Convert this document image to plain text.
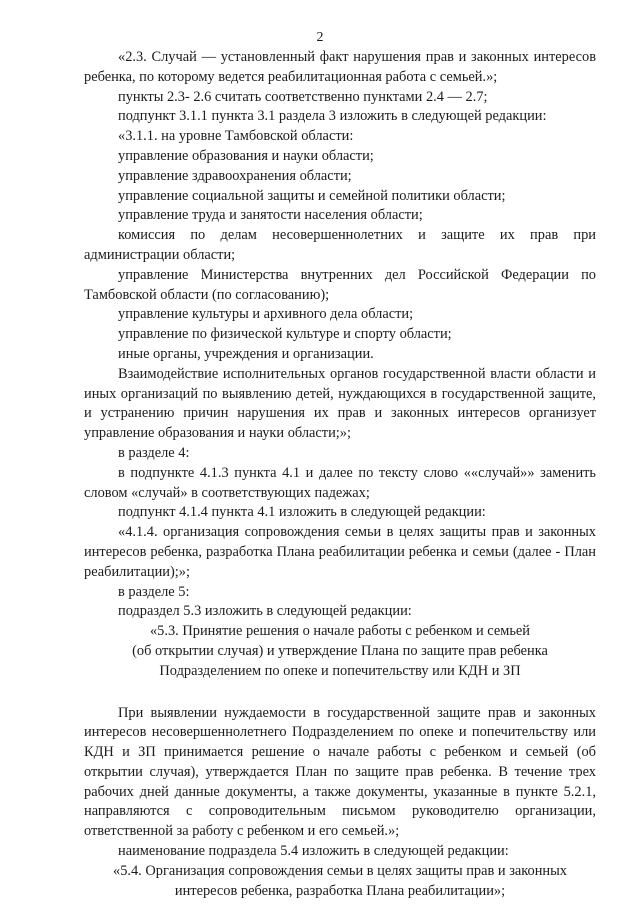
2

«2.3. Случай — установленный факт нарушения прав и законных интересов ребенка, по которому ведется реабилитационная работа с семьей.»;

пункты 2.3- 2.6 считать соответственно пунктами 2.4 — 2.7;

подпункт 3.1.1 пункта 3.1 раздела 3 изложить в следующей редакции:

«3.1.1. на уровне Тамбовской области:

управление образования и науки области;

управление здравоохранения области;

управление социальной защиты и семейной политики области;

управление труда и занятости населения области;

комиссия по делам несовершеннолетних и защите их прав при администрации области;

управление Министерства внутренних дел Российской Федерации по Тамбовской области (по согласованию);

управление культуры и архивного дела области;

управление по физической культуре и спорту области;

иные органы, учреждения и организации.

Взаимодействие исполнительных органов государственной власти области и иных организаций по выявлению детей, нуждающихся в государственной защите, и устранению причин нарушения их прав и законных интересов организует управление образования и науки области;»;

в разделе 4:

в подпункте 4.1.3 пункта 4.1 и далее по тексту слово ««случай»» заменить словом «случай» в соответствующих падежах;

подпункт 4.1.4 пункта 4.1 изложить в следующей редакции:

«4.1.4. организация сопровождения семьи в целях защиты прав и законных интересов ребенка, разработка Плана реабилитации ребенка и семьи (далее - План реабилитации);»;

в разделе 5:

подраздел 5.3 изложить в следующей редакции:

«5.3. Принятие решения о начале работы с ребенком и семьей

(об открытии случая) и утверждение Плана по защите прав ребенка

Подразделением по опеке и попечительству или КДН и ЗП

При выявлении нуждаемости в государственной защите прав и законных интересов несовершеннолетнего Подразделением по опеке и попечительству или КДН и ЗП принимается решение о начале работы с ребенком и семьей (об открытии случая), утверждается План по защите прав ребенка. В течение трех рабочих дней данные документы, а также документы, указанные в пункте 5.2.1, направляются с сопроводительным письмом руководителю организации, ответственной за работу с ребенком и его семьей.»;

наименование подраздела 5.4 изложить в следующей редакции:

«5.4. Организация сопровождения семьи в целях защиты прав и законных

интересов ребенка, разработка Плана реабилитации»;
